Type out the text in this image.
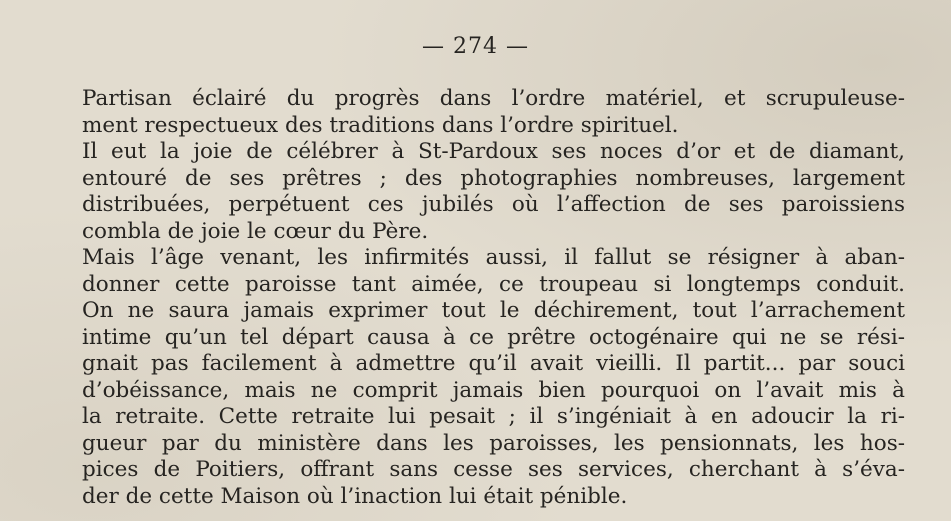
— 274 —
Partisan éclairé du progrès dans l’ordre matériel, et scrupuleuse-
ment respectueux des traditions dans l’ordre spirituel.
Il eut la joie de célébrer à St-Pardoux ses noces d’or et de diamant,
entouré de ses prêtres ; des photographies nombreuses, largement
distribuées, perpétuent ces jubilés où l’affection de ses paroissiens
combla de joie le cœur du Père.
Mais l’âge venant, les infirmités aussi, il fallut se résigner à aban-
donner cette paroisse tant aimée, ce troupeau si longtemps conduit.
On ne saura jamais exprimer tout le déchirement, tout l’arrachement
intime qu’un tel départ causa à ce prêtre octogénaire qui ne se rési-
gnait pas facilement à admettre qu’il avait vieilli. Il partit... par souci
d’obéissance, mais ne comprit jamais bien pourquoi on l’avait mis à
la retraite. Cette retraite lui pesait ; il s’ingéniait à en adoucir la ri-
gueur par du ministère dans les paroisses, les pensionnats, les hos-
pices de Poitiers, offrant sans cesse ses services, cherchant à s’éva-
der de cette Maison où l’inaction lui était pénible.
